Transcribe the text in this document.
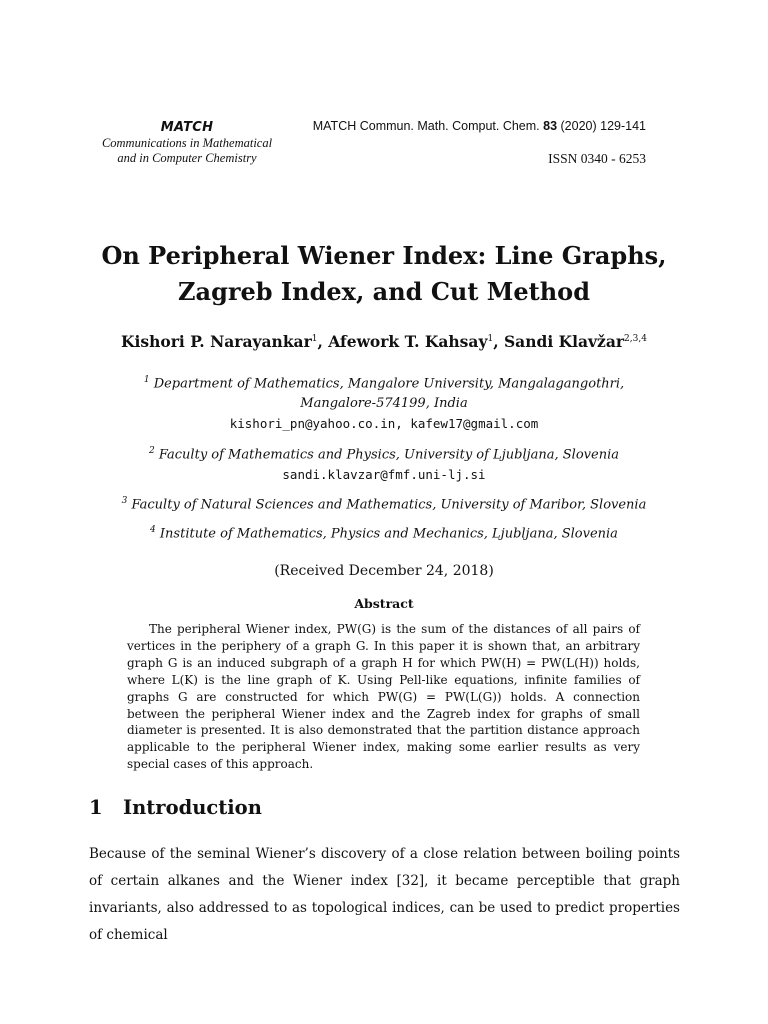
MATCH
Communications in Mathematical
and in Computer Chemistry
MATCH Commun. Math. Comput. Chem. 83 (2020) 129-141
ISSN 0340 - 6253
On Peripheral Wiener Index: Line Graphs,
Zagreb Index, and Cut Method
Kishori P. Narayankar$^1$, Afework T. Kahsay$^1$, Sandi Klavžar$^{2,3,4}$
$^1$ Department of Mathematics, Mangalore University, Mangalagangothri,
Mangalore-574199, India
kishori_pn@yahoo.co.in, kafew17@gmail.com
$^2$ Faculty of Mathematics and Physics, University of Ljubljana, Slovenia
sandi.klavzar@fmf.uni-lj.si
$^3$ Faculty of Natural Sciences and Mathematics, University of Maribor, Slovenia
$^4$ Institute of Mathematics, Physics and Mechanics, Ljubljana, Slovenia
(Received December 24, 2018)
Abstract

The peripheral Wiener index, PW(G) is the sum of the distances of all pairs of vertices in the periphery of a graph G. In this paper it is shown that, an arbitrary graph G is an induced subgraph of a graph H for which PW(H) = PW(L(H)) holds, where L(K) is the line graph of K. Using Pell-like equations, infinite families of graphs G are constructed for which PW(G) = PW(L(G)) holds. A connection between the peripheral Wiener index and the Zagreb index for graphs of small diameter is presented. It is also demonstrated that the partition distance approach applicable to the peripheral Wiener index, making some earlier results as very special cases of this approach.

1 Introduction

Because of the seminal Wiener’s discovery of a close relation between boiling points of certain alkanes and the Wiener index [32], it became perceptible that graph invariants, also addressed to as topological indices, can be used to predict properties of chemical
